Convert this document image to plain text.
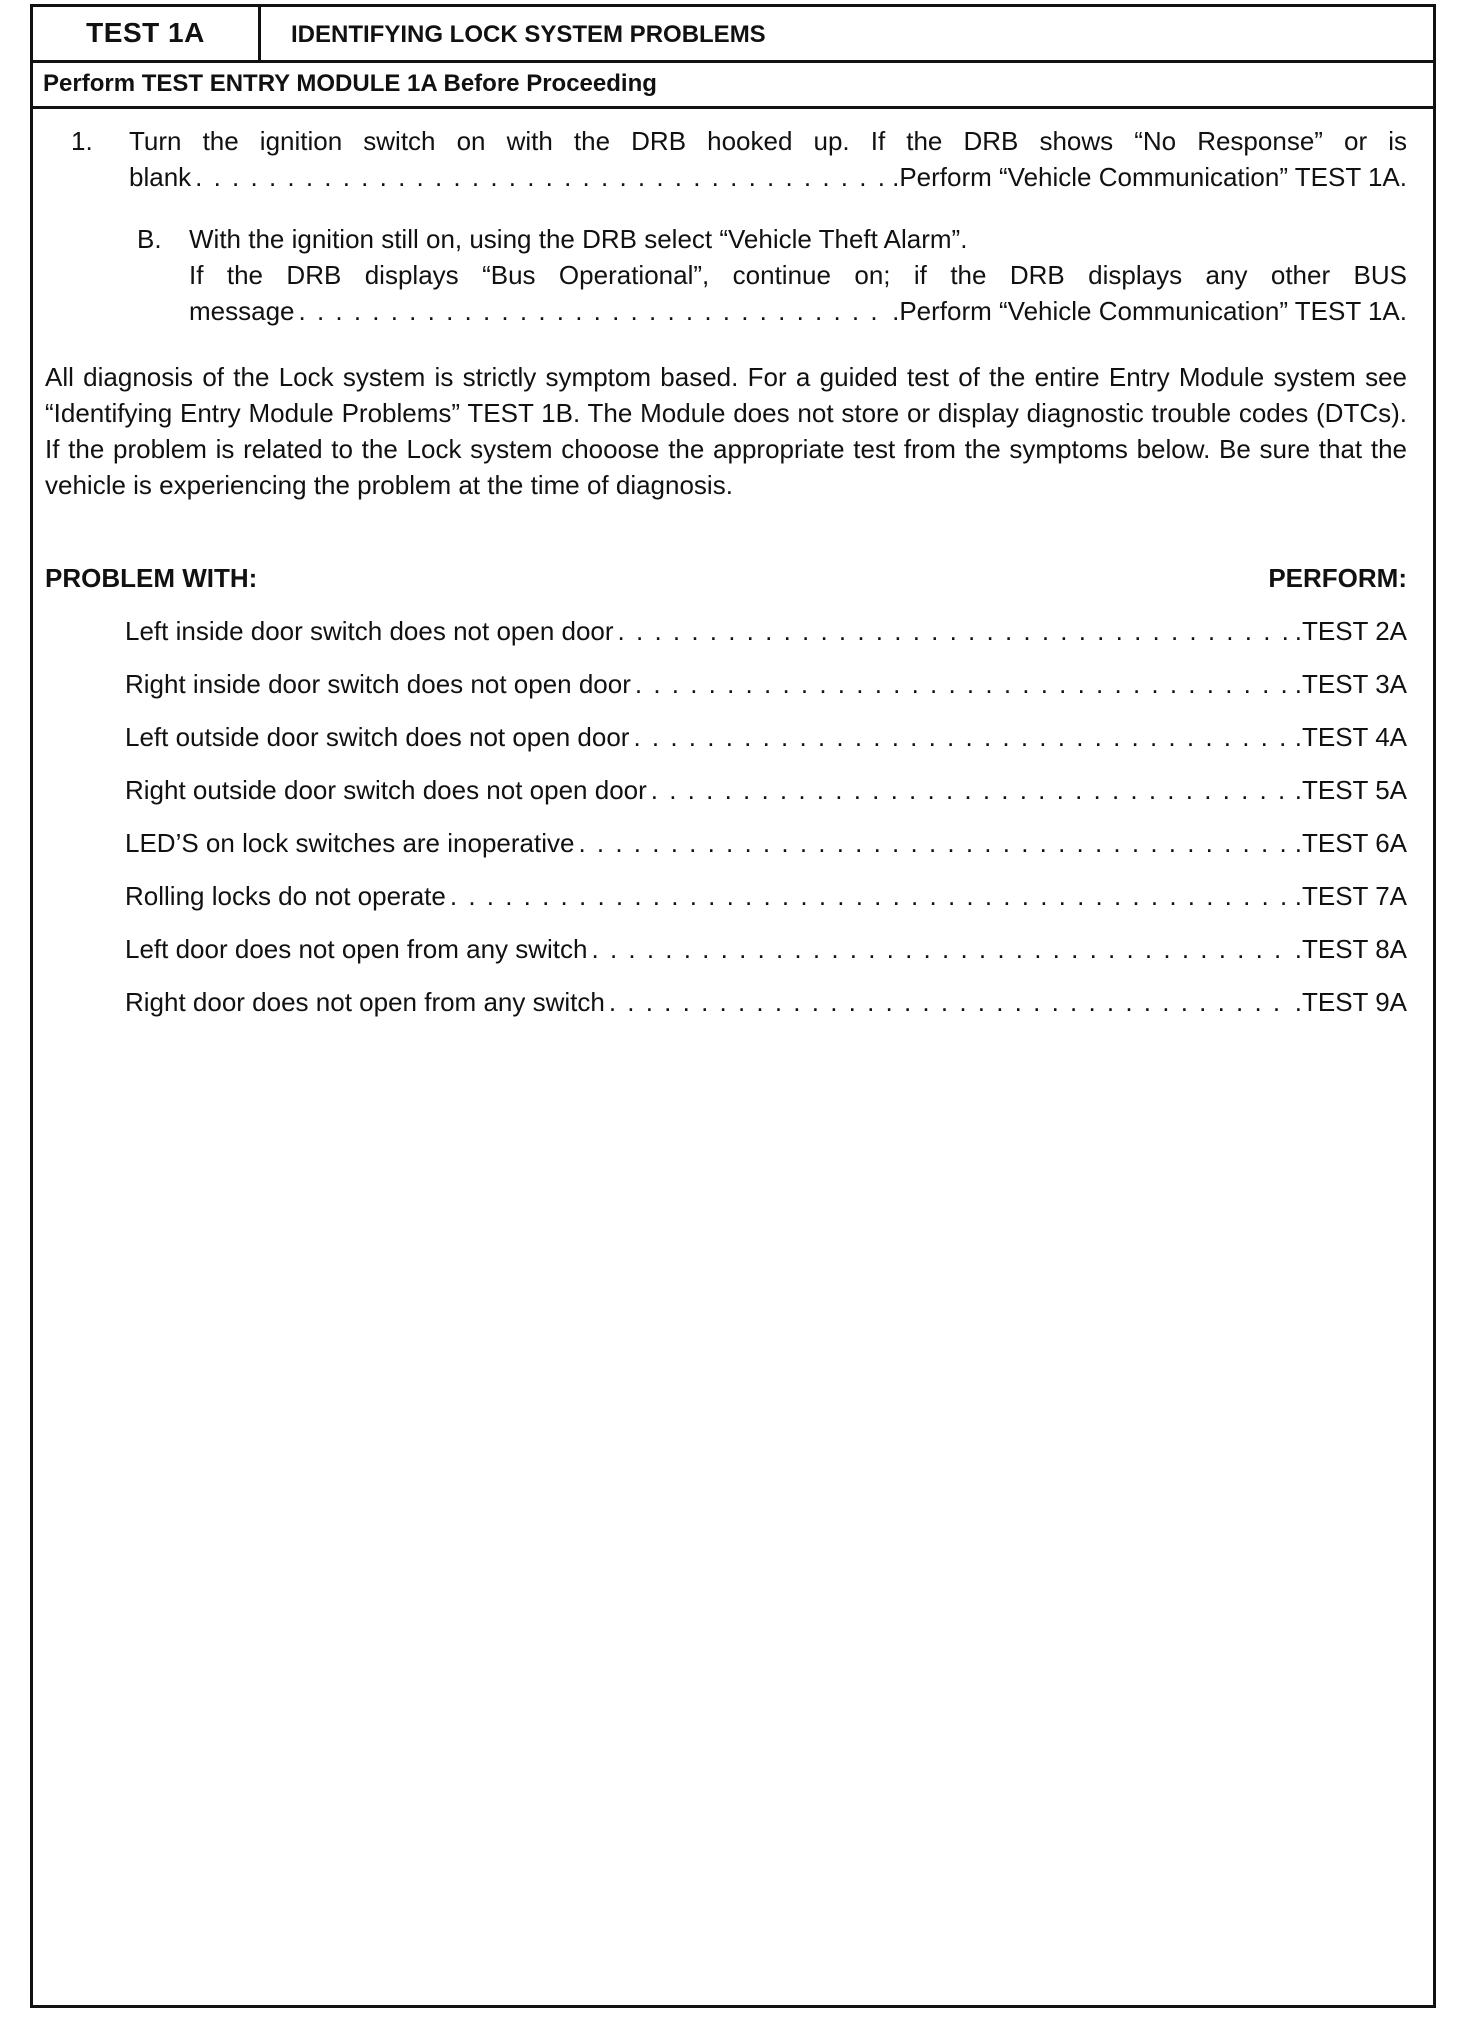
TEST 1A	IDENTIFYING LOCK SYSTEM PROBLEMS
Perform TEST ENTRY MODULE 1A Before Proceeding
1. Turn the ignition switch on with the DRB hooked up. If the DRB shows “No Response” or is

blank . . .	.Perform “Vehicle Communication” TEST 1A.
B. With the ignition still on, using the DRB select “Vehicle Theft Alarm”.

If the DRB displays “Bus Operational”, continue on; if the DRB displays any other BUS

message . . .	.Perform “Vehicle Communication” TEST 1A.

All diagnosis of the Lock system is strictly symptom based. For a guided test of the entire Entry Module system see “Identifying Entry Module Problems” TEST 1B. The Module does not store or display diagnostic trouble codes (DTCs). If the problem is related to the Lock system chooose the appropriate test from the symptoms below. Be sure that the vehicle is experiencing the problem at the time of diagnosis.

PROBLEM WITH:	PERFORM:
Left inside door switch does not open door . . .	.TEST 2A
Right inside door switch does not open door . . .	.TEST 3A
Left outside door switch does not open door . . .	.TEST 4A
Right outside door switch does not open door . . .	.TEST 5A
LED’S on lock switches are inoperative . . .	.TEST 6A
Rolling locks do not operate . . .	.TEST 7A
Left door does not open from any switch . . .	.TEST 8A
Right door does not open from any switch . . .	.TEST 9A
